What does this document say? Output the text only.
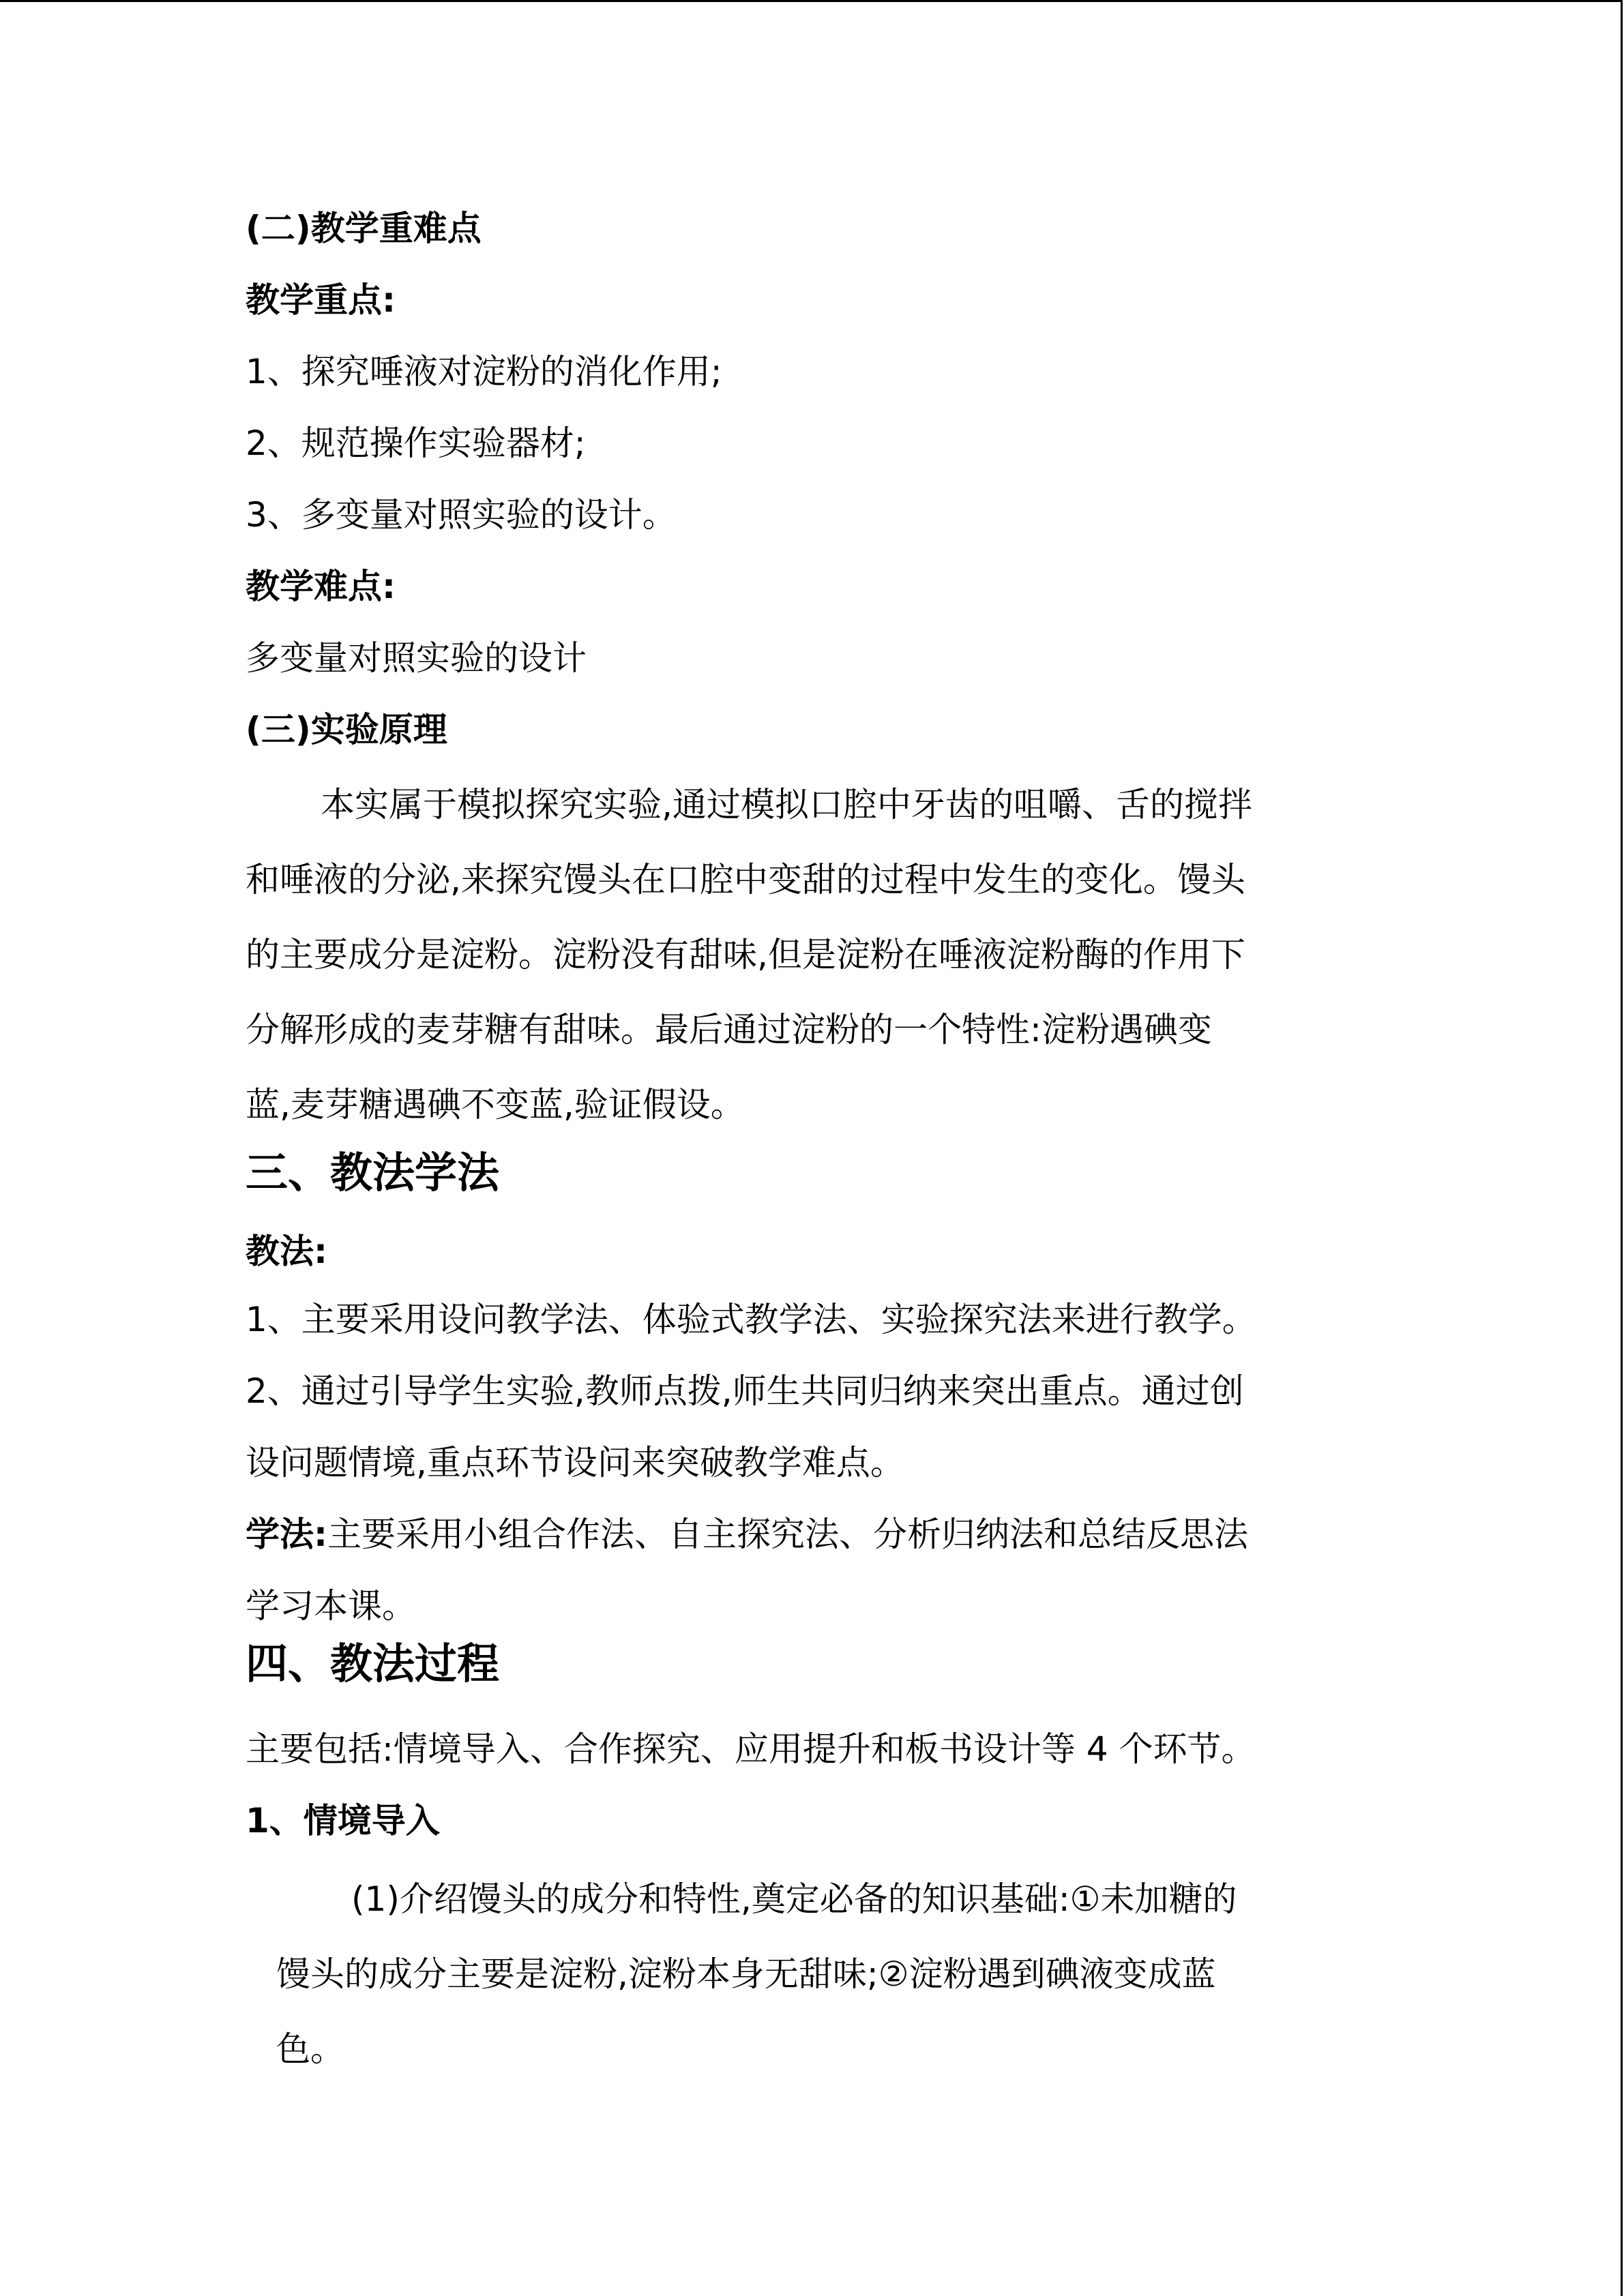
(二)教学重难点
教学重点:
1、探究唾液对淀粉的消化作用;
2、规范操作实验器材;
3、多变量对照实验的设计。
教学难点:
多变量对照实验的设计
(三)实验原理
本实属于模拟探究实验,通过模拟口腔中牙齿的咀嚼、舌的搅拌
和唾液的分泌,来探究馒头在口腔中变甜的过程中发生的变化。馒头
的主要成分是淀粉。淀粉没有甜味,但是淀粉在唾液淀粉酶的作用下
分解形成的麦芽糖有甜味。最后通过淀粉的一个特性:淀粉遇碘变
蓝,麦芽糖遇碘不变蓝,验证假设。
三、教法学法
教法:
1、主要采用设问教学法、体验式教学法、实验探究法来进行教学。
2、通过引导学生实验,教师点拨,师生共同归纳来突出重点。通过创
设问题情境,重点环节设问来突破教学难点。
学法:主要采用小组合作法、自主探究法、分析归纳法和总结反思法
学习本课。
四、教法过程
主要包括:情境导入、合作探究、应用提升和板书设计等 4 个环节。
1、情境导入
(1)介绍馒头的成分和特性,奠定必备的知识基础:①未加糖的
馒头的成分主要是淀粉,淀粉本身无甜味;②淀粉遇到碘液变成蓝
色。
